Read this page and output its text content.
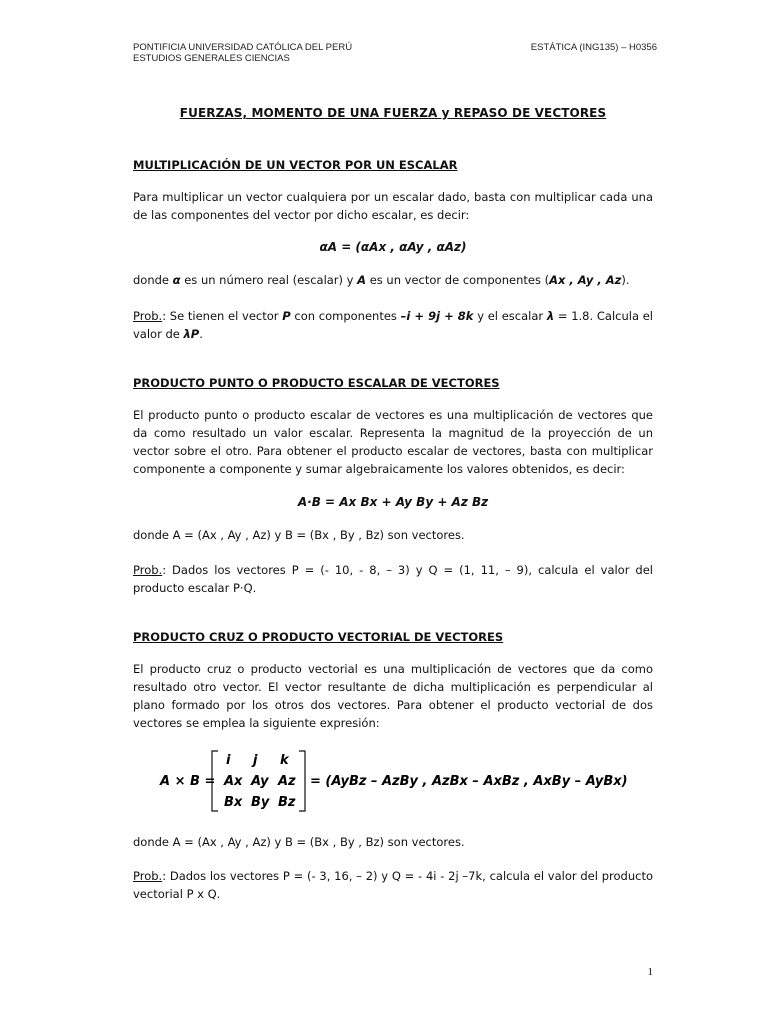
PONTIFICIA UNIVERSIDAD CATÓLICA DEL PERÚ
ESTUDIOS GENERALES CIENCIAS
ESTÁTICA (ING135) – H0356
FUERZAS, MOMENTO DE UNA FUERZA y REPASO DE VECTORES
MULTIPLICACIÓN DE UN VECTOR POR UN ESCALAR

Para multiplicar un vector cualquiera por un escalar dado, basta con multiplicar cada una de las componentes del vector por dicho escalar, es decir:

αA = (αAx , αAy , αAz)

donde α es un número real (escalar) y A es un vector de componentes (Ax , Ay , Az).

Prob.: Se tienen el vector P con componentes –i + 9j + 8k y el escalar λ = 1.8. Calcula el valor de λP.

PRODUCTO PUNTO O PRODUCTO ESCALAR DE VECTORES

El producto punto o producto escalar de vectores es una multiplicación de vectores que da como resultado un valor escalar. Representa la magnitud de la proyección de un vector sobre el otro. Para obtener el producto escalar de vectores, basta con multiplicar componente a componente y sumar algebraicamente los valores obtenidos, es decir:

A·B = Ax Bx + Ay By + Az Bz

donde A = (Ax , Ay , Az) y B = (Bx , By , Bz) son vectores.

Prob.: Dados los vectores P = (- 10, - 8, – 3) y Q = (1, 11, – 9), calcula el valor del producto escalar P·Q.

PRODUCTO CRUZ O PRODUCTO VECTORIAL DE VECTORES

El producto cruz o producto vectorial es una multiplicación de vectores que da como resultado otro vector. El vector resultante de dicha multiplicación es perpendicular al plano formado por los otros dos vectores. Para obtener el producto vectorial de dos vectores se emplea la siguiente expresión:

A × B =
i j k
Ax Ay Az
Bx By Bz
= (AyBz – AzBy , AzBx – AxBz , AxBy – AyBx)

donde A = (Ax , Ay , Az) y B = (Bx , By , Bz) son vectores.

Prob.: Dados los vectores P = (- 3, 16, – 2) y Q = - 4i - 2j –7k, calcula el valor del producto vectorial P x Q.

1
